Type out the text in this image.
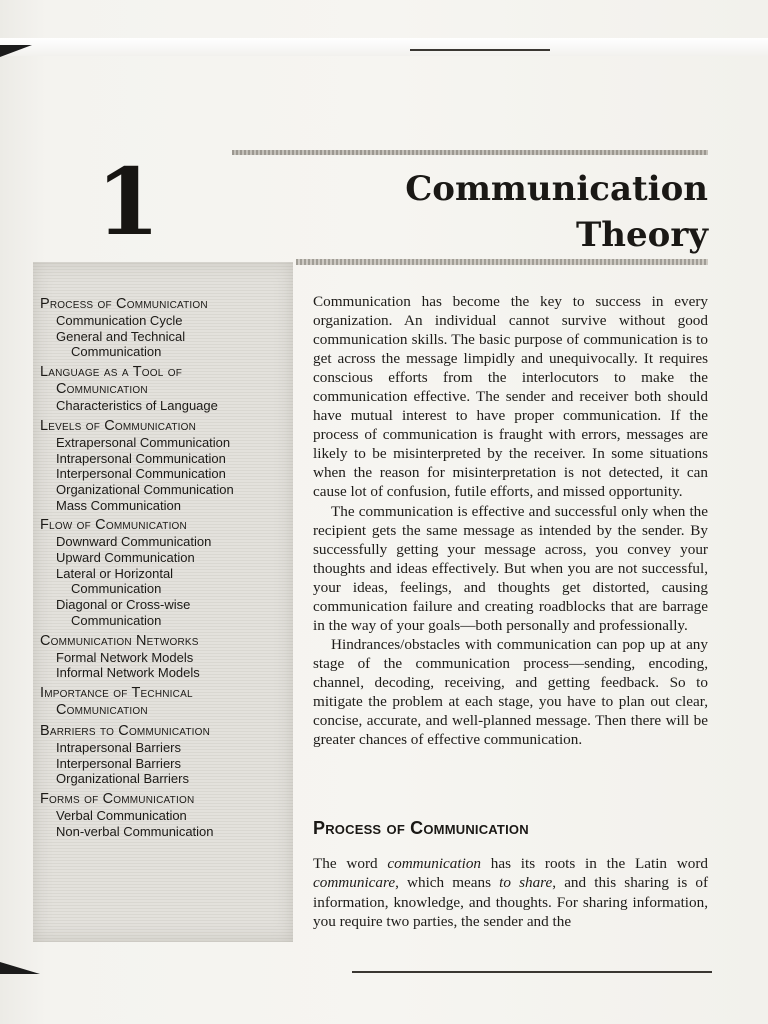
1	Communication
Theory
Process of Communication
Communication Cycle
General and Technical

Communication
Language as a Tool of

Communication
Characteristics of Language
Levels of Communication
Extrapersonal Communication
Intrapersonal Communication
Interpersonal Communication
Organizational Communication
Mass Communication
Flow of Communication
Downward Communication
Upward Communication
Lateral or Horizontal

Communication
Diagonal or Cross-wise

Communication
Communication Networks
Formal Network Models
Informal Network Models
Importance of Technical

Communication
Barriers to Communication
Intrapersonal Barriers
Interpersonal Barriers
Organizational Barriers
Forms of Communication
Verbal Communication
Non-verbal Communication

Communication has become the key to success in every organization. An individual cannot survive without good communication skills. The basic purpose of communication is to get across the message limpidly and unequivocally. It requires conscious efforts from the interlocutors to make the communication effective. The sender and receiver both should have mutual interest to have proper communication. If the process of communication is fraught with errors, messages are likely to be misinterpreted by the receiver. In some situations when the reason for misinterpretation is not detected, it can cause lot of confusion, futile efforts, and missed opportunity.

The communication is effective and successful only when the recipient gets the same message as intended by the sender. By successfully getting your message across, you convey your thoughts and ideas effectively. But when you are not successful, your ideas, feelings, and thoughts get distorted, causing communication failure and creating roadblocks that are barrage in the way of your goals—both personally and professionally.

Hindrances/obstacles with communication can pop up at any stage of the communication process—sending, encoding, channel, decoding, receiving, and getting feedback. So to mitigate the problem at each stage, you have to plan out clear, concise, accurate, and well-planned message. Then there will be greater chances of effective communication.

Process of Communication

The word communication has its roots in the Latin word communicare, which means to share, and this sharing is of information, knowledge, and thoughts. For sharing information, you require two parties, the sender and the
